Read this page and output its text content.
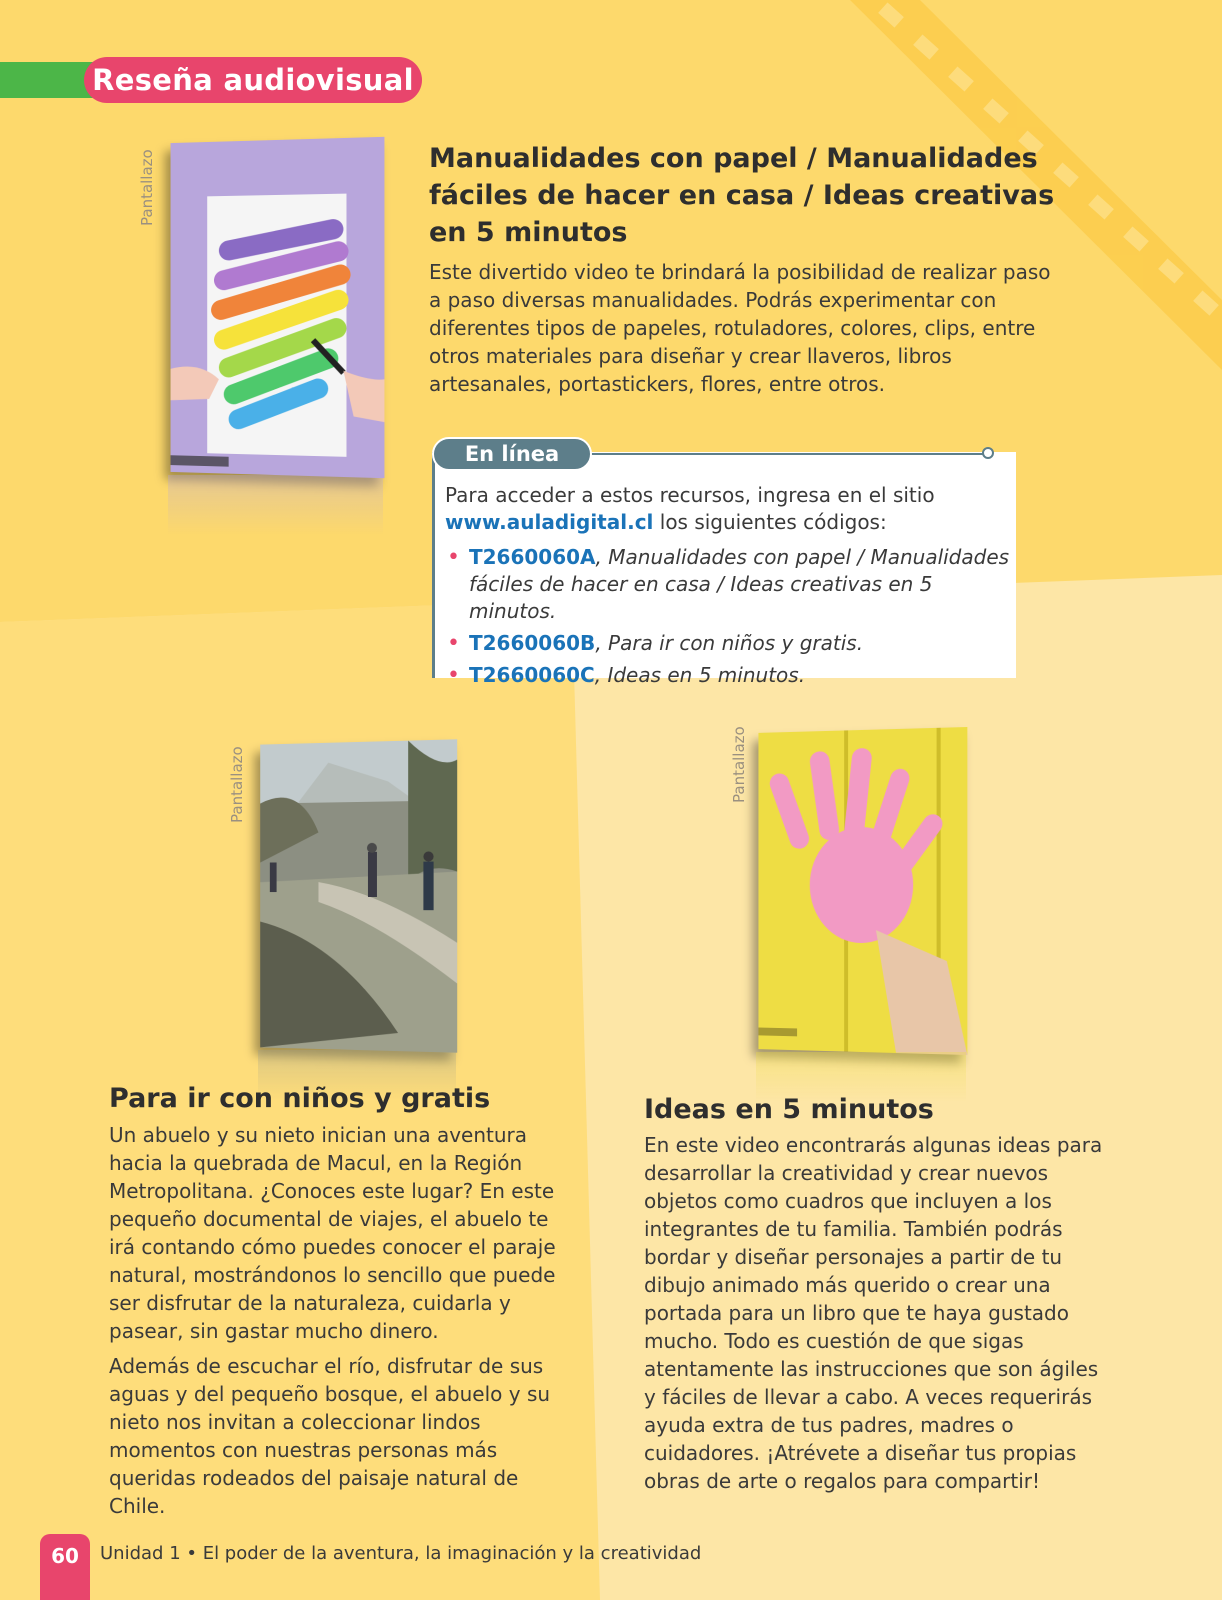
Reseña audiovisual
Pantallazo	Manualidades con papel / Manualidades fáciles de hacer en casa / Ideas creativas en 5 minutos

Este divertido video te brindará la posibilidad de realizar paso a paso diversas manualidades. Podrás experimentar con diferentes tipos de papeles, rotuladores, colores, clips, entre otros materiales para diseñar y crear llaveros, libros artesanales, portastickers, flores, entre otros.

Para acceder a estos recursos, ingresa en el sitio
www.auladigital.cl los siguientes códigos:

• T2660060A, Manualidades con papel / Manualidades fáciles de hacer en casa / Ideas creativas en 5 minutos.
• T2660060B, Para ir con niños y gratis.
• T2660060C, Ideas en 5 minutos.
En línea
Pantallazo
Para ir con niños y gratis

Un abuelo y su nieto inician una aventura hacia la quebrada de Macul, en la Región Metropolitana. ¿Conoces este lugar? En este pequeño documental de viajes, el abuelo te irá contando cómo puedes conocer el paraje natural, mostrándonos lo sencillo que puede ser disfrutar de la naturaleza, cuidarla y pasear, sin gastar mucho dinero.

Además de escuchar el río, disfrutar de sus aguas y del pequeño bosque, el abuelo y su nieto nos invitan a coleccionar lindos momentos con nuestras personas más queridas rodeados del paisaje natural de Chile.

Pantallazo
Ideas en 5 minutos

En este video encontrarás algunas ideas para desarrollar la creatividad y crear nuevos objetos como cuadros que incluyen a los integrantes de tu familia. También podrás bordar y diseñar personajes a partir de tu dibujo animado más querido o crear una portada para un libro que te haya gustado mucho. Todo es cuestión de que sigas atentamente las instrucciones que son ágiles y fáciles de llevar a cabo. A veces requerirás ayuda extra de tus padres, madres o cuidadores. ¡Atrévete a diseñar tus propias obras de arte o regalos para compartir!

60	Unidad 1 • El poder de la aventura, la imaginación y la creatividad
